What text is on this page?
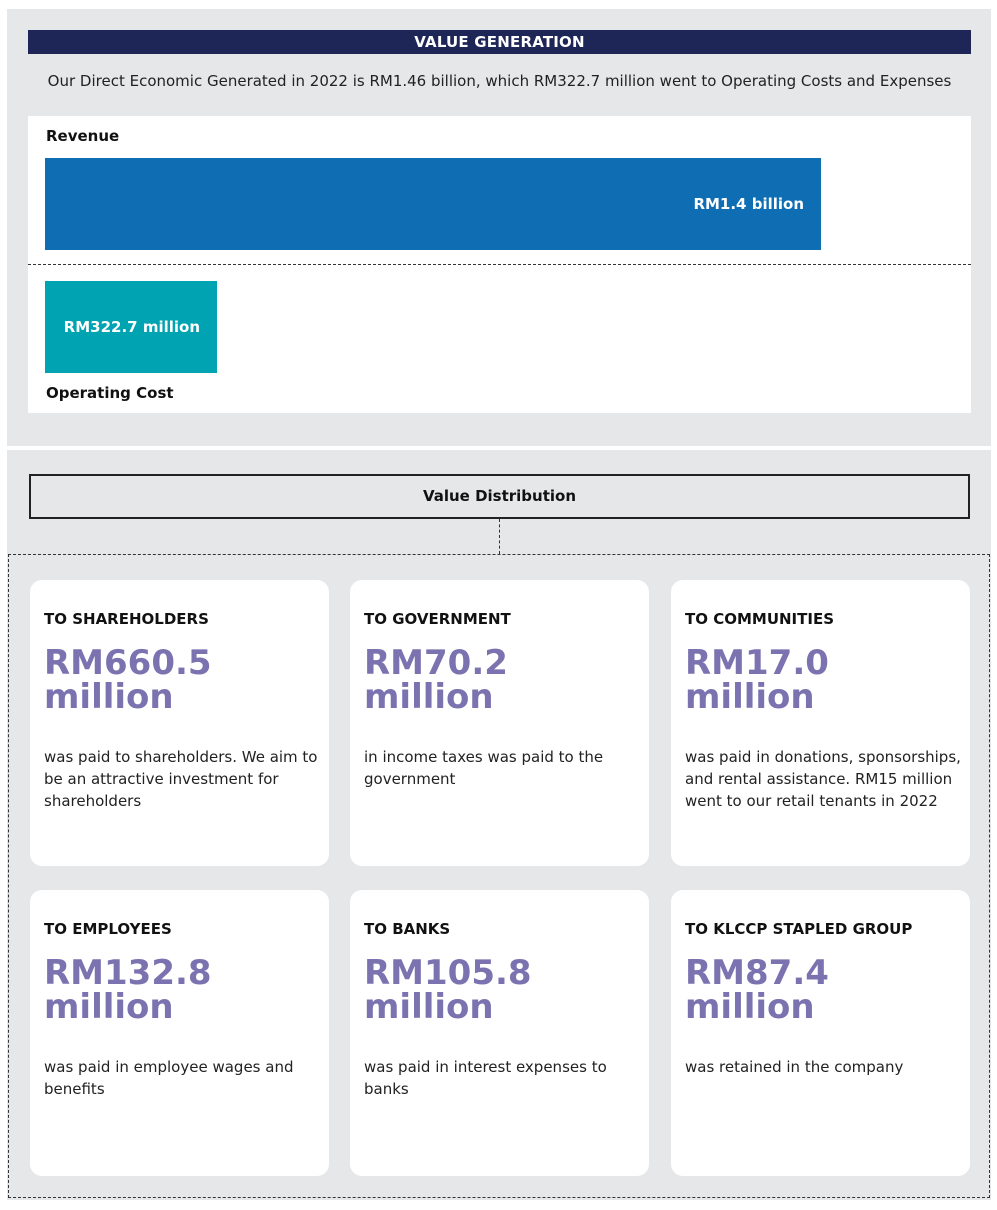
VALUE GENERATION
Our Direct Economic Generated in 2022 is RM1.46 billion, which RM322.7 million went to Operating Costs and Expenses
Revenue
RM1.4 billion
RM322.7 million
Operating Cost
Value Distribution
TO SHAREHOLDERS
RM660.5
million
was paid to shareholders. We aim to be an attractive investment for shareholders
TO GOVERNMENT
RM70.2
million
in income taxes was paid to the government
TO COMMUNITIES
RM17.0
million
was paid in donations, sponsorships, and rental assistance. RM15 million went to our retail tenants in 2022
TO EMPLOYEES
RM132.8
million
was paid in employee wages and benefits
TO BANKS
RM105.8
million
was paid in interest expenses to banks
TO KLCCP STAPLED GROUP
RM87.4
million
was retained in the company
